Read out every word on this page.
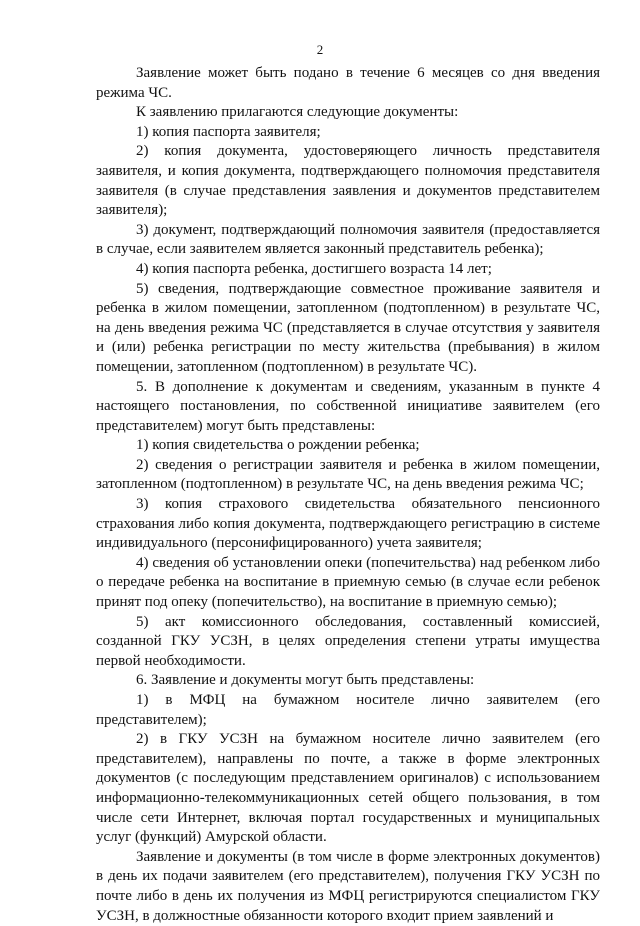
2

Заявление может быть подано в течение 6 месяцев со дня введения режима ЧС.

К заявлению прилагаются следующие документы:

1) копия паспорта заявителя;

2) копия документа, удостоверяющего личность представителя заявителя, и копия документа, подтверждающего полномочия представителя заявителя (в случае представления заявления и документов представителем заявителя);

3) документ, подтверждающий полномочия заявителя (предоставляется в случае, если заявителем является законный представитель ребенка);

4) копия паспорта ребенка, достигшего возраста 14 лет;

5) сведения, подтверждающие совместное проживание заявителя и ребенка в жилом помещении, затопленном (подтопленном) в результате ЧС, на день введения режима ЧС (представляется в случае отсутствия у заявителя и (или) ребенка регистрации по месту жительства (пребывания) в жилом помещении, затопленном (подтопленном) в результате ЧС).

5. В дополнение к документам и сведениям, указанным в пункте 4 настоящего постановления, по собственной инициативе заявителем (его представителем) могут быть представлены:

1) копия свидетельства о рождении ребенка;

2) сведения о регистрации заявителя и ребенка в жилом помещении, затопленном (подтопленном) в результате ЧС, на день введения режима ЧС;

3) копия страхового свидетельства обязательного пенсионного страхования либо копия документа, подтверждающего регистрацию в системе индивидуального (персонифицированного) учета заявителя;

4) сведения об установлении опеки (попечительства) над ребенком либо о передаче ребенка на воспитание в приемную семью (в случае если ребенок принят под опеку (попечительство), на воспитание в приемную семью);

5) акт комиссионного обследования, составленный комиссией, созданной ГКУ УСЗН, в целях определения степени утраты имущества первой необходимости.

6. Заявление и документы могут быть представлены:

1) в МФЦ на бумажном носителе лично заявителем (его представителем);

2) в ГКУ УСЗН на бумажном носителе лично заявителем (его представителем), направлены по почте, а также в форме электронных документов (с последующим представлением оригиналов) с использованием информационно-телекоммуникационных сетей общего пользования, в том числе сети Интернет, включая портал государственных и муниципальных услуг (функций) Амурской области.

Заявление и документы (в том числе в форме электронных документов) в день их подачи заявителем (его представителем), получения ГКУ УСЗН по почте либо в день их получения из МФЦ регистрируются специалистом ГКУ УСЗН, в должностные обязанности которого входит прием заявлений и
